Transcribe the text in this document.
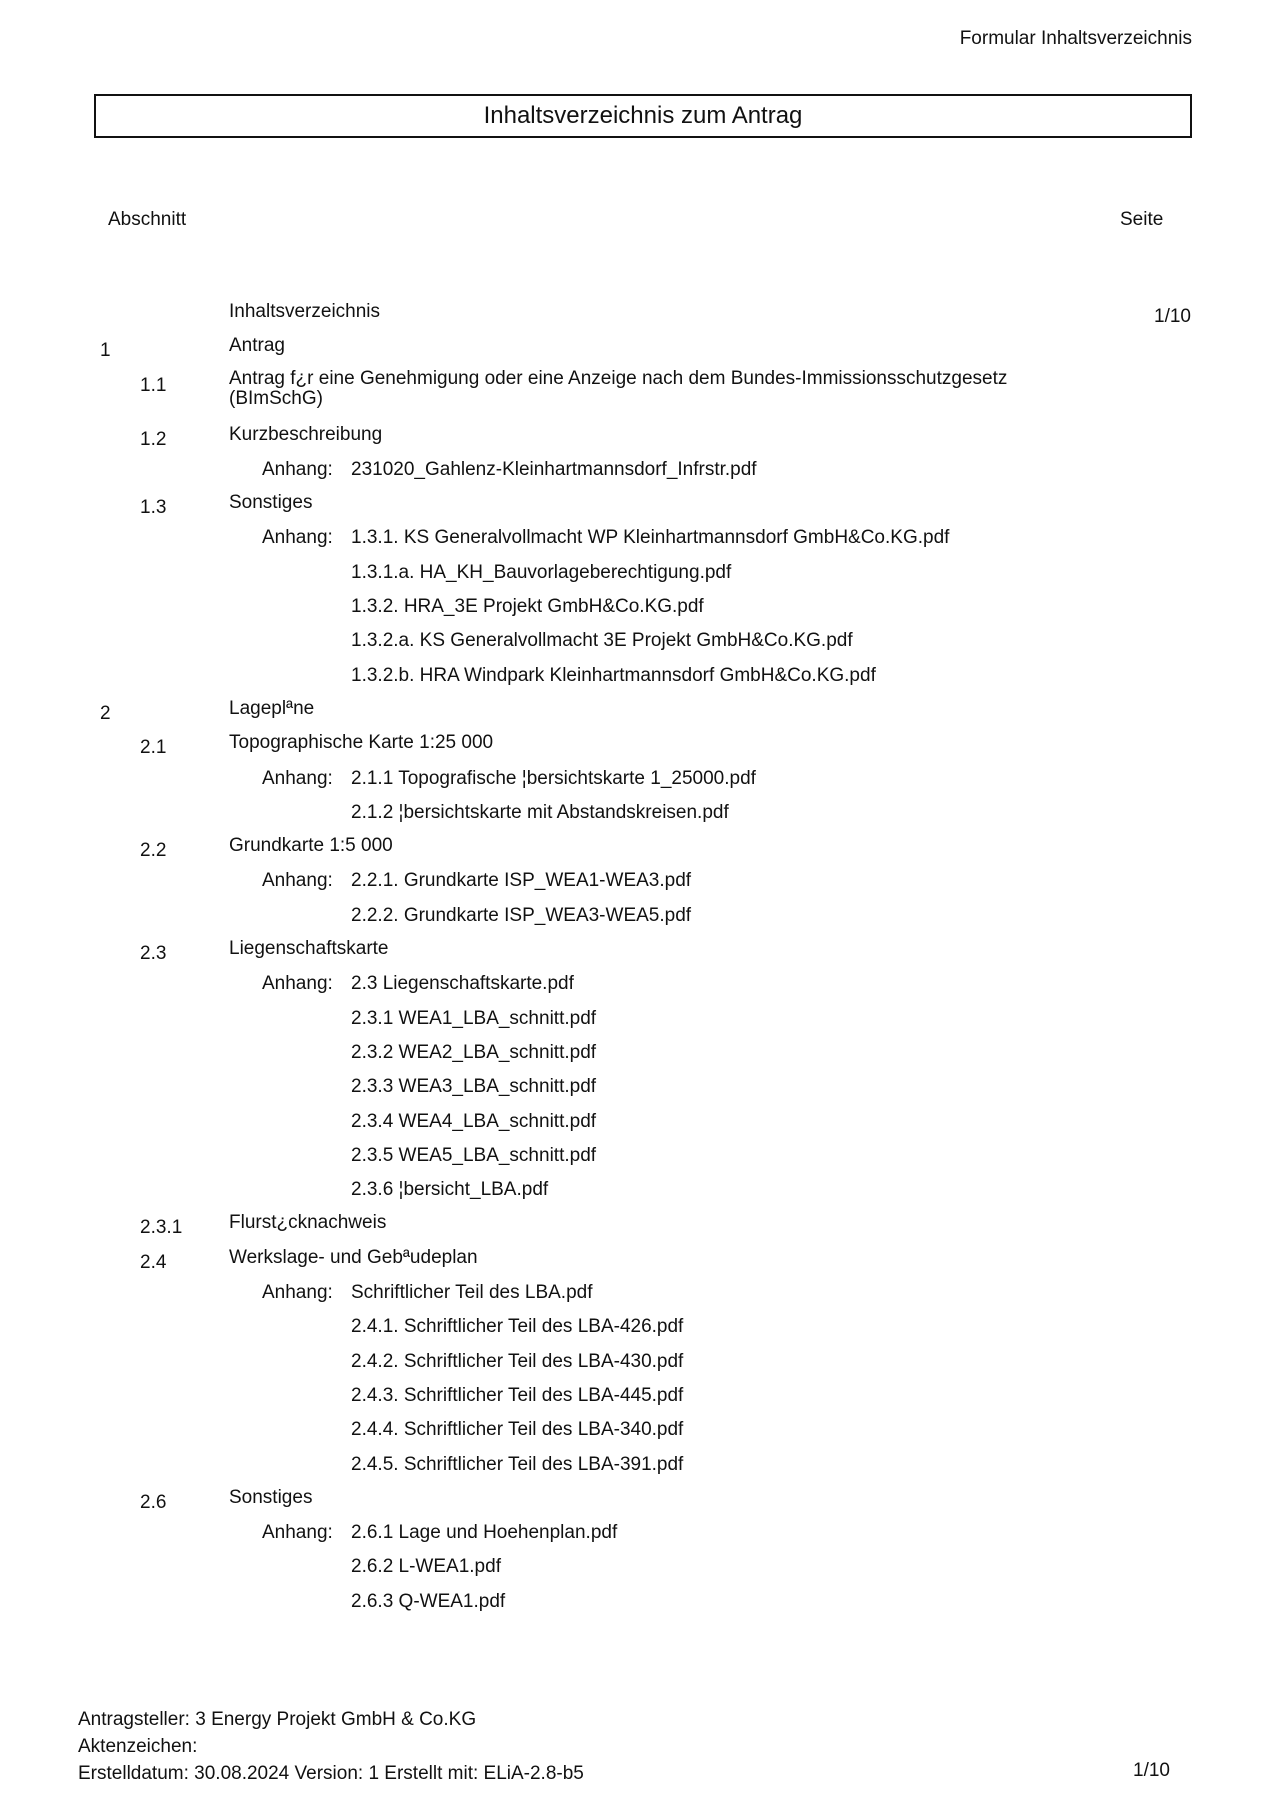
Formular Inhaltsverzeichnis
Inhaltsverzeichnis zum Antrag
Abschnitt	Seite
Inhaltsverzeichnis	1/10
1	Antrag
1.1	Antrag f¿r eine Genehmigung oder eine Anzeige nach dem Bundes-Immissionsschutzgesetz (BImSchG)
1.2	Kurzbeschreibung
Anhang: 231020_Gahlenz-Kleinhartmannsdorf_Infrstr.pdf
1.3	Sonstiges
Anhang: 1.3.1. KS Generalvollmacht WP Kleinhartmannsdorf GmbH&Co.KG.pdf
1.3.1.a. HA_KH_Bauvorlageberechtigung.pdf
1.3.2. HRA_3E Projekt GmbH&Co.KG.pdf
1.3.2.a. KS Generalvollmacht 3E Projekt GmbH&Co.KG.pdf
1.3.2.b. HRA Windpark Kleinhartmannsdorf GmbH&Co.KG.pdf
2	Lageplªne
2.1	Topographische Karte 1:25 000
Anhang: 2.1.1 Topografische ¦bersichtskarte 1_25000.pdf
2.1.2 ¦bersichtskarte mit Abstandskreisen.pdf
2.2	Grundkarte 1:5 000
Anhang: 2.2.1. Grundkarte ISP_WEA1-WEA3.pdf
2.2.2. Grundkarte ISP_WEA3-WEA5.pdf
2.3	Liegenschaftskarte
Anhang: 2.3 Liegenschaftskarte.pdf
2.3.1 WEA1_LBA_schnitt.pdf
2.3.2 WEA2_LBA_schnitt.pdf
2.3.3 WEA3_LBA_schnitt.pdf
2.3.4 WEA4_LBA_schnitt.pdf
2.3.5 WEA5_LBA_schnitt.pdf
2.3.6 ¦bersicht_LBA.pdf
2.3.1 Flurst¿cknachweis
2.4	Werkslage- und Gebªudeplan
Anhang: Schriftlicher Teil des LBA.pdf
2.4.1. Schriftlicher Teil des LBA-426.pdf
2.4.2. Schriftlicher Teil des LBA-430.pdf
2.4.3. Schriftlicher Teil des LBA-445.pdf
2.4.4. Schriftlicher Teil des LBA-340.pdf
2.4.5. Schriftlicher Teil des LBA-391.pdf
2.6	Sonstiges
Anhang: 2.6.1 Lage und Hoehenplan.pdf
2.6.2 L-WEA1.pdf
2.6.3 Q-WEA1.pdf
Antragsteller: 3 Energy Projekt GmbH & Co.KG
Aktenzeichen:
Erstelldatum: 30.08.2024 Version: 1 Erstellt mit: ELiA-2.8-b5	1/10
